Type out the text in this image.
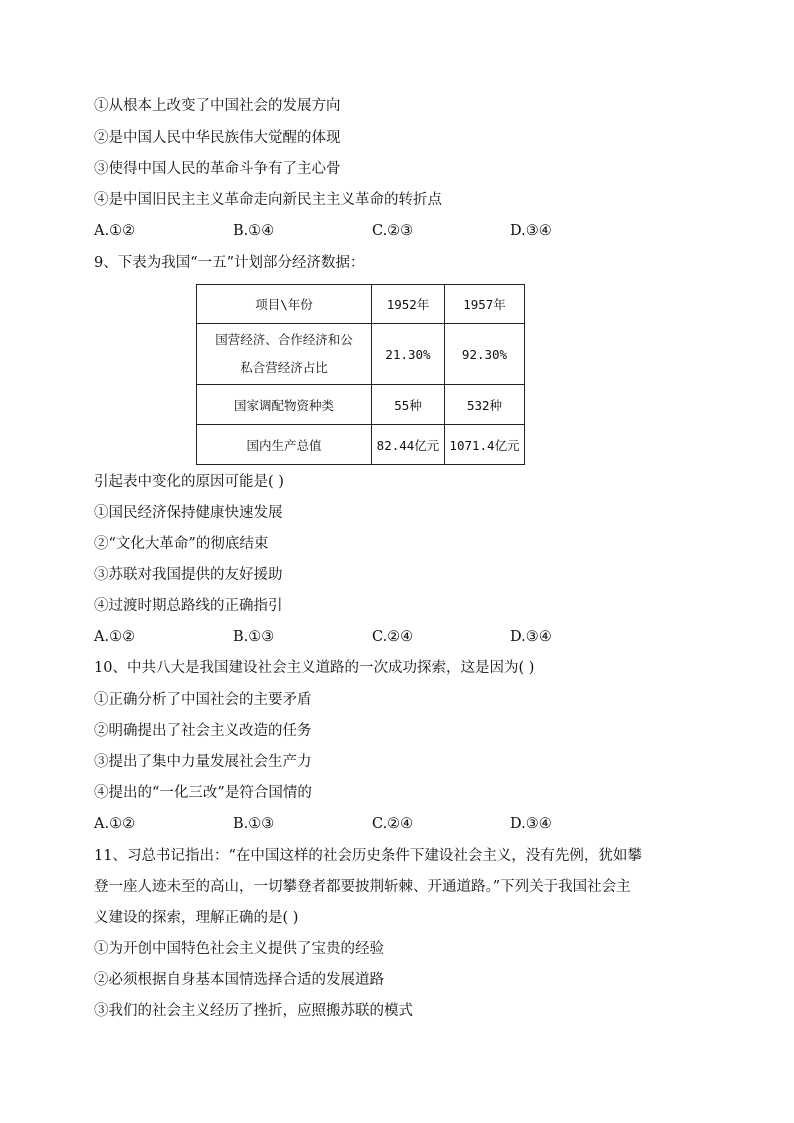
①从根本上改变了中国社会的发展方向
②是中国人民中华民族伟大觉醒的体现
③使得中国人民的革命斗争有了主心骨
④是中国旧民主主义革命走向新民主主义革命的转折点
A.①②	B.①④	C.②③	D.③④
9、下表为我国“一五”计划部分经济数据：
项目\年份	1952年	1957年

国营经济、合作经济和公
私合营经济占比	21.30%	92.30%
国家调配物资种类	55种	532种
国内生产总值	82.44亿元	1071.4亿元
引起表中变化的原因可能是( )
①国民经济保持健康快速发展
②“文化大革命”的彻底结束
③苏联对我国提供的友好援助
④过渡时期总路线的正确指引
A.①②	B.①③	C.②④	D.③④
10、中共八大是我国建设社会主义道路的一次成功探索，这是因为( )
①正确分析了中国社会的主要矛盾
②明确提出了社会主义改造的任务
③提出了集中力量发展社会生产力
④提出的“一化三改”是符合国情的
A.①②	B.①③	C.②④	D.③④
11、习总书记指出：“在中国这样的社会历史条件下建设社会主义，没有先例，犹如攀
登一座人迹未至的高山，一切攀登者都要披荆斩棘、开通道路。”下列关于我国社会主
义建设的探索，理解正确的是( )
①为开创中国特色社会主义提供了宝贵的经验
②必须根据自身基本国情选择合适的发展道路
③我们的社会主义经历了挫折，应照搬苏联的模式
